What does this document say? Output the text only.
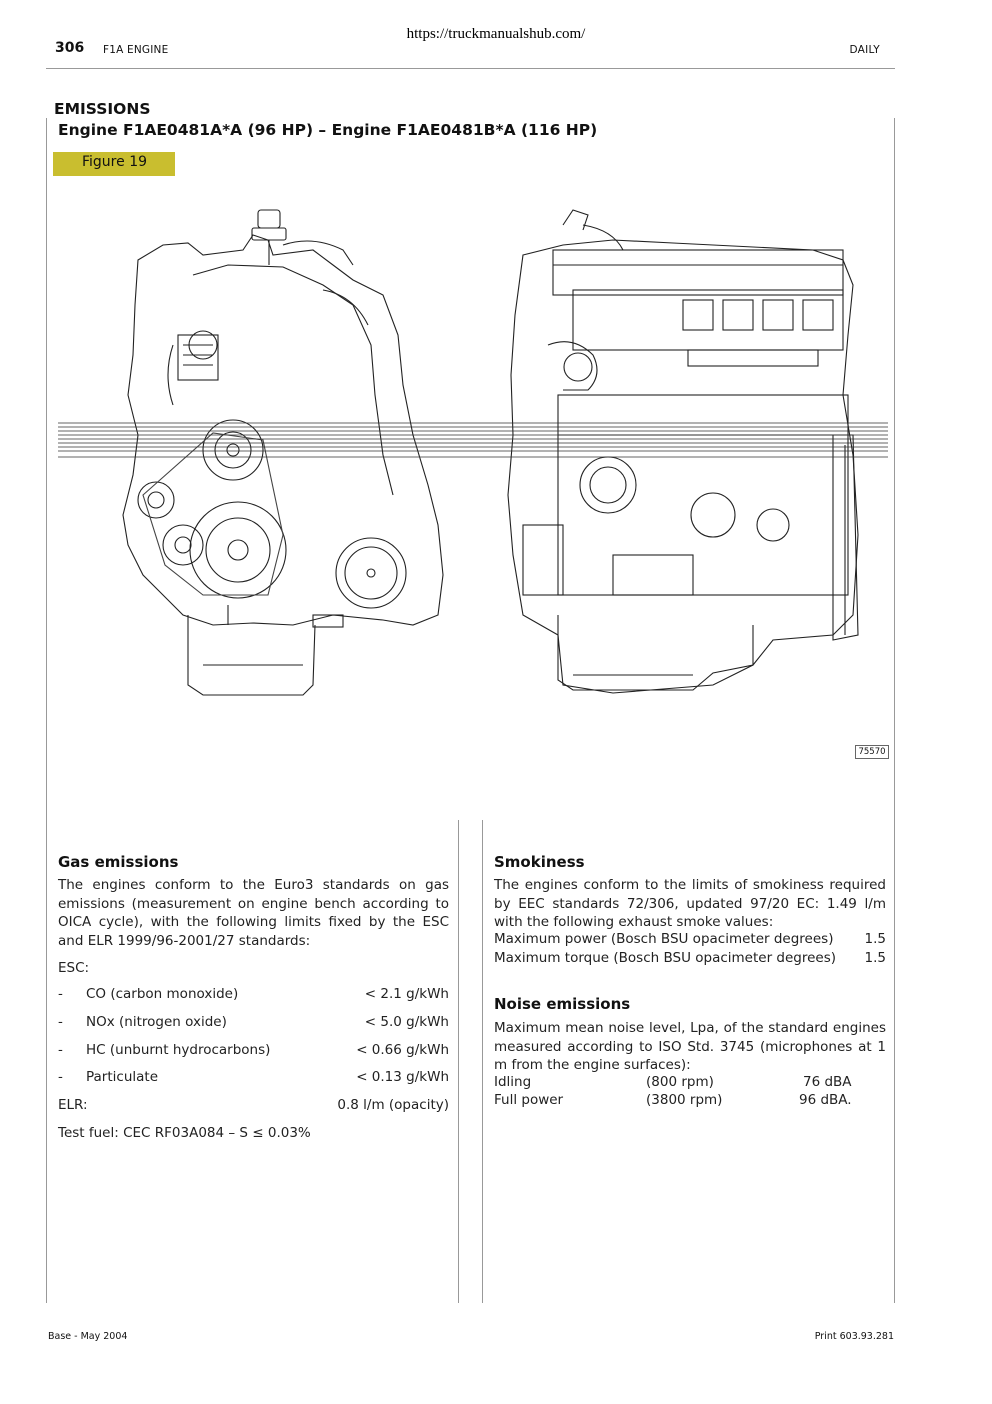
https://truckmanualshub.com/
306 F1A ENGINE	DAILY
EMISSIONS
Engine F1AE0481A*A (96 HP) – Engine F1AE0481B*A (116 HP)
Figure 19
75570
Gas emissions
The engines conform to the Euro3 standards on gas emissions (measurement on engine bench according to OICA cycle), with the following limits fixed by the ESC and ELR 1999/96-2001/27 standards:
ESC:
- CO (carbon monoxide)	< 2.1 g/kWh
- NOx (nitrogen oxide)	< 5.0 g/kWh
- HC (unburnt hydrocarbons)	< 0.66 g/kWh
- Particulate	< 0.13 g/kWh
ELR:	0.8 l/m (opacity)
Test fuel: CEC RF03A084 – S ≤ 0.03%
Smokiness
The engines conform to the limits of smokiness required by EEC standards 72/306, updated 97/20 EC: 1.49 l/m with the following exhaust smoke values:
Maximum power (Bosch BSU opacimeter degrees) 1.5
Maximum torque (Bosch BSU opacimeter degrees) 1.5
Noise emissions
Maximum mean noise level, Lpa, of the standard engines measured according to ISO Std. 3745 (microphones at 1 m from the engine surfaces):
Idling	(800 rpm)	76 dBA
Full power	(3800 rpm)	96 dBA.
Base - May 2004	Print 603.93.281
